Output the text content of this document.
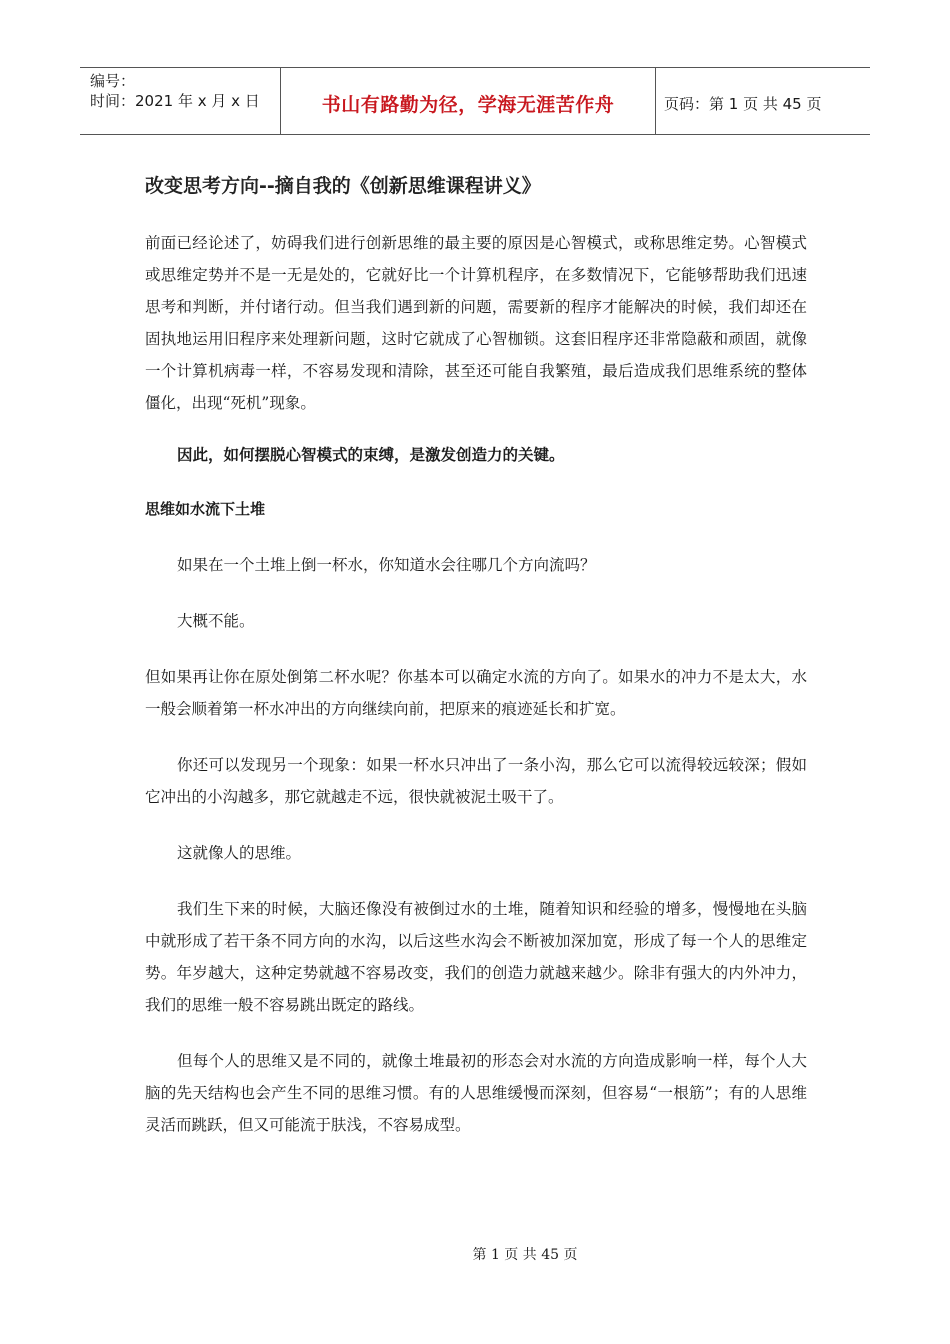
编号：
时间：2021 年 x 月 x 日	书山有路勤为径，学海无涯苦作舟	页码：第 1 页 共 45 页
改变思考方向--摘自我的《创新思维课程讲义》

前面已经论述了，妨碍我们进行创新思维的最主要的原因是心智模式，或称思维定势。心智模式或思维定势并不是一无是处的，它就好比一个计算机程序，在多数情况下，它能够帮助我们迅速思考和判断，并付诸行动。但当我们遇到新的问题，需要新的程序才能解决的时候，我们却还在固执地运用旧程序来处理新问题，这时它就成了心智枷锁。这套旧程序还非常隐蔽和顽固，就像一个计算机病毒一样，不容易发现和清除，甚至还可能自我繁殖，最后造成我们思维系统的整体僵化，出现“死机”现象。

因此，如何摆脱心智模式的束缚，是激发创造力的关键。
思维如水流下土堆

如果在一个土堆上倒一杯水，你知道水会往哪几个方向流吗？

大概不能。

但如果再让你在原处倒第二杯水呢？你基本可以确定水流的方向了。如果水的冲力不是太大，水一般会顺着第一杯水冲出的方向继续向前，把原来的痕迹延长和扩宽。

你还可以发现另一个现象：如果一杯水只冲出了一条小沟，那么它可以流得较远较深；假如它冲出的小沟越多，那它就越走不远，很快就被泥土吸干了。

这就像人的思维。

我们生下来的时候，大脑还像没有被倒过水的土堆，随着知识和经验的增多，慢慢地在头脑中就形成了若干条不同方向的水沟，以后这些水沟会不断被加深加宽，形成了每一个人的思维定势。年岁越大，这种定势就越不容易改变，我们的创造力就越来越少。除非有强大的内外冲力，我们的思维一般不容易跳出既定的路线。

但每个人的思维又是不同的，就像土堆最初的形态会对水流的方向造成影响一样，每个人大脑的先天结构也会产生不同的思维习惯。有的人思维缓慢而深刻，但容易“一根筋”；有的人思维灵活而跳跃，但又可能流于肤浅，不容易成型。

第 1 页 共 45 页
